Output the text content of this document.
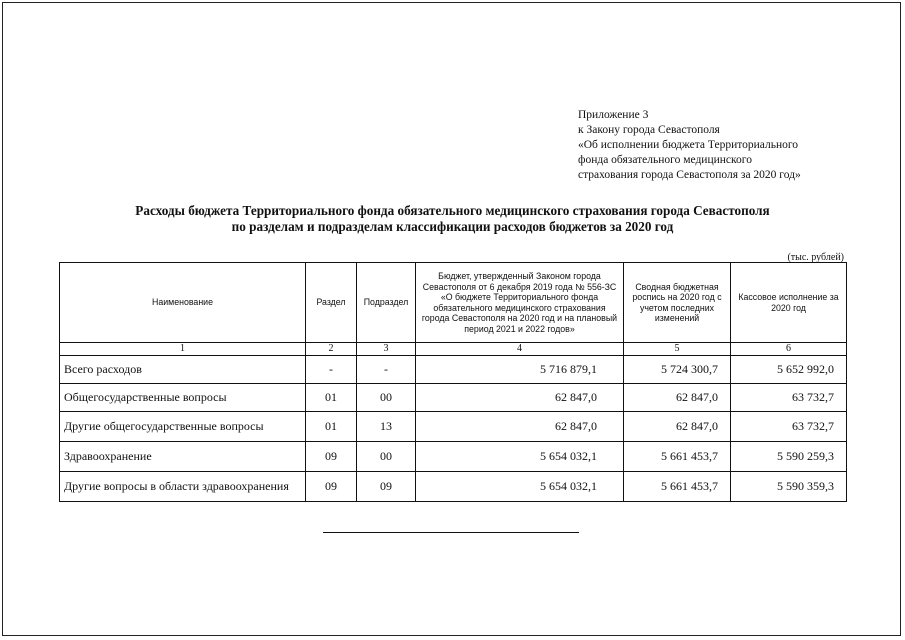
Приложение 3
к Закону города Севастополя
«Об исполнении бюджета Территориального
фонда обязательного медицинского
страхования города Севастополя за 2020 год»
Расходы бюджета Территориального фонда обязательного медицинского страхования города Севастополя
по разделам и подразделам классификации расходов бюджетов за 2020 год
(тыс. рублей)
Наименование	Раздел	Подраздел	Бюджет, утвержденный Законом города Севастополя от 6 декабря 2019 года № 556-ЗС «О бюджете Территориального фонда обязательного медицинского страхования города Севастополя на 2020 год и на плановый период 2021 и 2022 годов»	Сводная бюджетная роспись на 2020 год с учетом последних изменений	Кассовое исполнение за 2020 год
1	2	3	4	5	6
Всего расходов	-	-	5 716 879,1	5 724 300,7	5 652 992,0
Общегосударственные вопросы	01	00	62 847,0	62 847,0	63 732,7
Другие общегосударственные вопросы	01	13	62 847,0	62 847,0	63 732,7
Здравоохранение	09	00	5 654 032,1	5 661 453,7	5 590 259,3
Другие вопросы в области здравоохранения	09	09	5 654 032,1	5 661 453,7	5 590 359,3
